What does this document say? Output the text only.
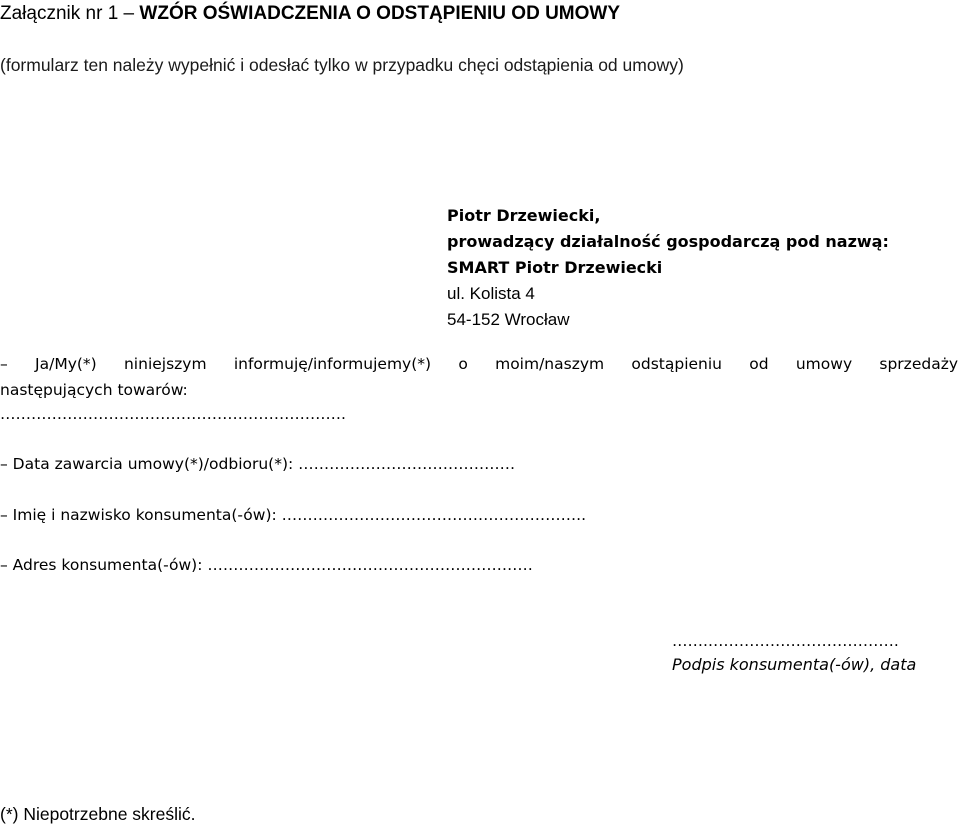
Załącznik nr 1 – WZÓR OŚWIADCZENIA O ODSTĄPIENIU OD UMOWY
(formularz ten należy wypełnić i odesłać tylko w przypadku chęci odstąpienia od umowy)
Piotr Drzewiecki,
prowadzący działalność gospodarczą pod nazwą:
SMART Piotr Drzewiecki
ul. Kolista 4
54-152 Wrocław
– Ja/My(*) niniejszym informuję/informujemy(*) o moim/naszym odstąpieniu od umowy sprzedaży
następujących towarów:
………………………………………………………….
– Data zawarcia umowy(*)/odbioru(*): ……………………………………
– Imię i nazwisko konsumenta(-ów): …………………………………………………..
– Adres konsumenta(-ów): ………………………………………………………
…….……………………………….
Podpis konsumenta(-ów), data
(*) Niepotrzebne skreślić.
